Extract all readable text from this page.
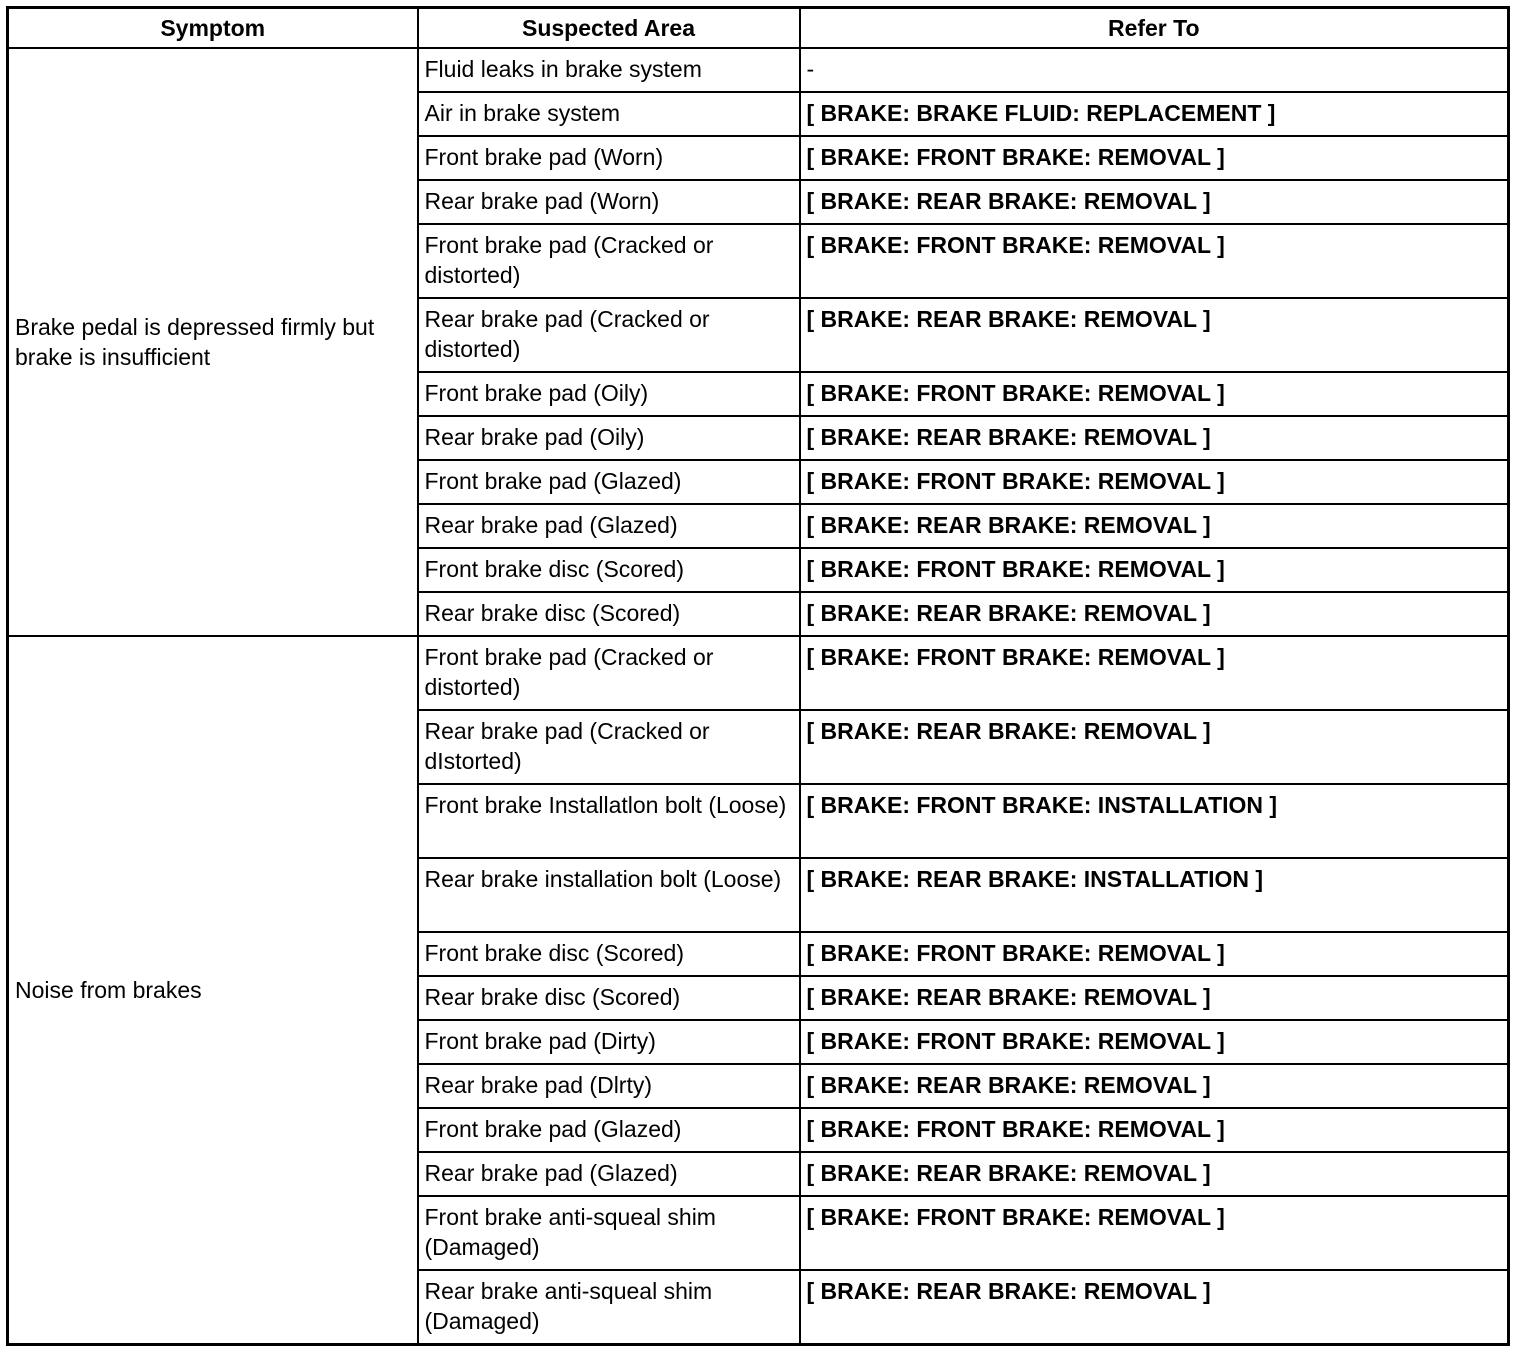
Symptom	Suspected Area	Refer To
Brake pedal is depressed firmly but brake is insufficient	Fluid leaks in brake system	-
	Air in brake system	[ BRAKE: BRAKE FLUID: REPLACEMENT ]
	Front brake pad (Worn)	[ BRAKE: FRONT BRAKE: REMOVAL ]
	Rear brake pad (Worn)	[ BRAKE: REAR BRAKE: REMOVAL ]
	Front brake pad (Cracked or distorted)	[ BRAKE: FRONT BRAKE: REMOVAL ]
	Rear brake pad (Cracked or distorted)	[ BRAKE: REAR BRAKE: REMOVAL ]
	Front brake pad (Oily)	[ BRAKE: FRONT BRAKE: REMOVAL ]
	Rear brake pad (Oily)	[ BRAKE: REAR BRAKE: REMOVAL ]
	Front brake pad (Glazed)	[ BRAKE: FRONT BRAKE: REMOVAL ]
	Rear brake pad (Glazed)	[ BRAKE: REAR BRAKE: REMOVAL ]
	Front brake disc (Scored)	[ BRAKE: FRONT BRAKE: REMOVAL ]
	Rear brake disc (Scored)	[ BRAKE: REAR BRAKE: REMOVAL ]
Noise from brakes	Front brake pad (Cracked or distorted)	[ BRAKE: FRONT BRAKE: REMOVAL ]
	Rear brake pad (Cracked or dIstorted)	[ BRAKE: REAR BRAKE: REMOVAL ]
	Front brake Installatlon bolt (Loose)	[ BRAKE: FRONT BRAKE: INSTALLATION ]
	Rear brake installation bolt (Loose)	[ BRAKE: REAR BRAKE: INSTALLATION ]
	Front brake disc (Scored)	[ BRAKE: FRONT BRAKE: REMOVAL ]
	Rear brake disc (Scored)	[ BRAKE: REAR BRAKE: REMOVAL ]
	Front brake pad (Dirty)	[ BRAKE: FRONT BRAKE: REMOVAL ]
	Rear brake pad (Dlrty)	[ BRAKE: REAR BRAKE: REMOVAL ]
	Front brake pad (Glazed)	[ BRAKE: FRONT BRAKE: REMOVAL ]
	Rear brake pad (Glazed)	[ BRAKE: REAR BRAKE: REMOVAL ]
	Front brake anti-squeal shim (Damaged)	[ BRAKE: FRONT BRAKE: REMOVAL ]
	Rear brake anti-squeal shim (Damaged)	[ BRAKE: REAR BRAKE: REMOVAL ]
